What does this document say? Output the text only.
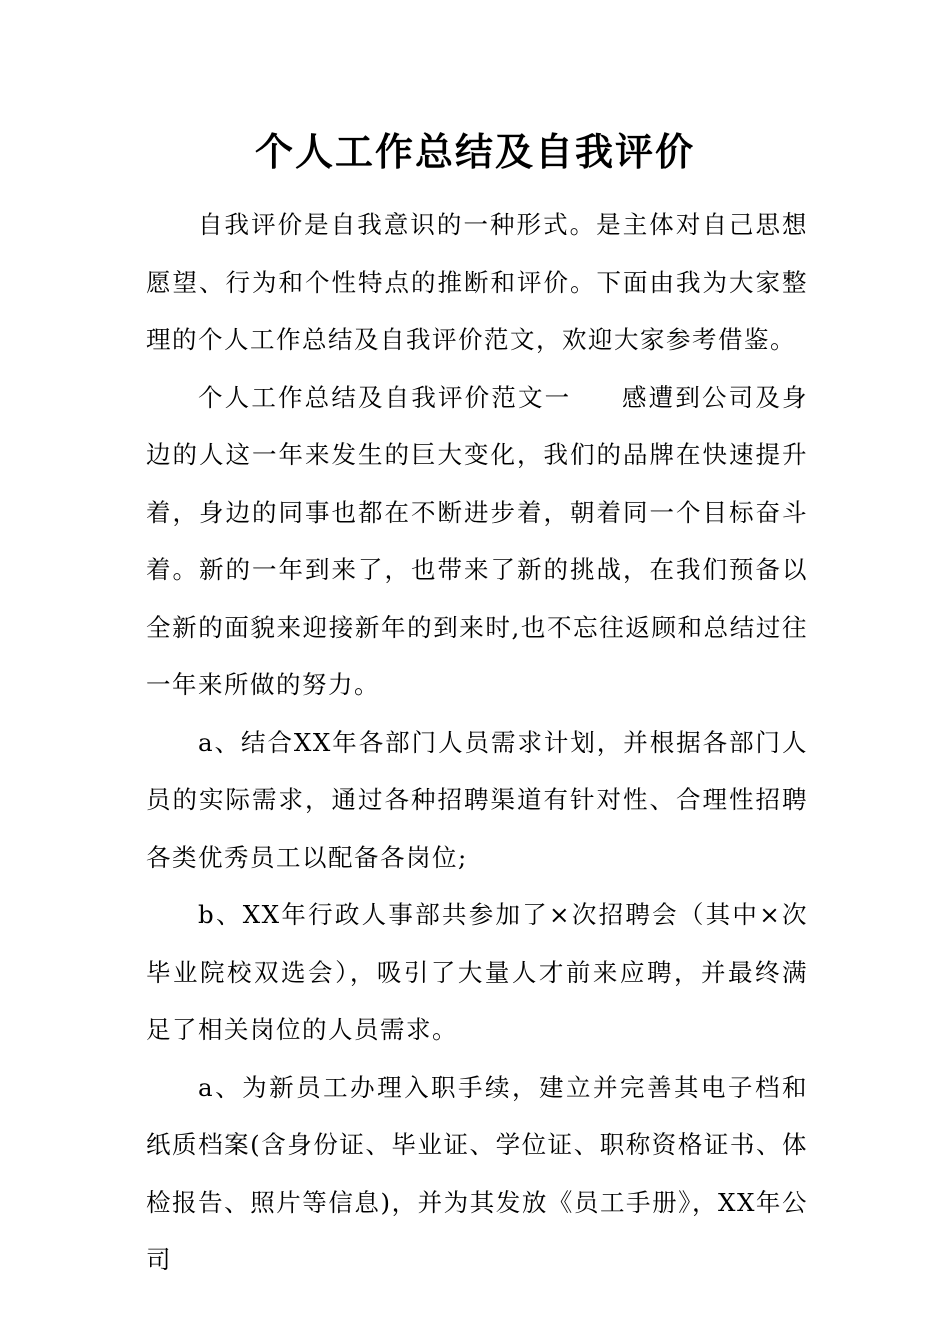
个人工作总结及自我评价

自我评价是自我意识的一种形式。是主体对自己思想愿望、行为和个性特点的推断和评价。下面由我为大家整理的个人工作总结及自我评价范文，欢迎大家参考借鉴。

个人工作总结及自我评价范文一 感遭到公司及身边的人这一年来发生的巨大变化，我们的品牌在快速提升着，身边的同事也都在不断进步着，朝着同一个目标奋斗着。新的一年到来了，也带来了新的挑战，在我们预备以全新的面貌来迎接新年的到来时,也不忘往返顾和总结过往一年来所做的努力。

a、结合XX年各部门人员需求计划，并根据各部门人员的实际需求，通过各种招聘渠道有针对性、合理性招聘各类优秀员工以配备各岗位;

b、XX年行政人事部共参加了×次招聘会（其中×次毕业院校双选会），吸引了大量人才前来应聘，并最终满足了相关岗位的人员需求。

a、为新员工办理入职手续，建立并完善其电子档和纸质档案(含身份证、毕业证、学位证、职称资格证书、体检报告、照片等信息)，并为其发放《员工手册》，XX年公司
